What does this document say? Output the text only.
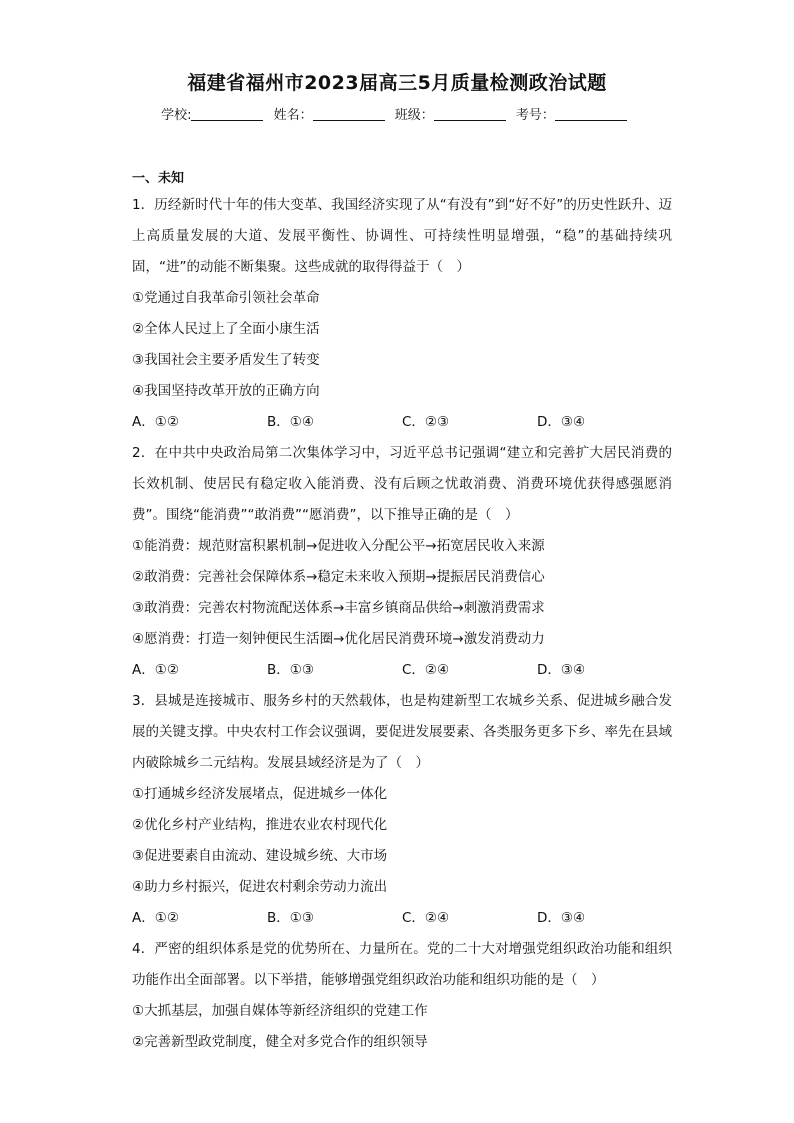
福建省福州市2023届高三5月质量检测政治试题
学校:	姓名：	班级：	考号：
一、未知
1．历经新时代十年的伟大变革、我国经济实现了从“有没有”到“好不好”的历史性跃升、迈上高质量发展的大道、发展平衡性、协调性、可持续性明显增强，“稳”的基础持续巩固，“进”的动能不断集聚。这些成就的取得得益于（　）
①党通过自我革命引领社会革命
②全体人民过上了全面小康生活
③我国社会主要矛盾发生了转变
④我国坚持改革开放的正确方向
A．①②	B．①④	C．②③	D．③④
2．在中共中央政治局第二次集体学习中，习近平总书记强调“建立和完善扩大居民消费的长效机制、使居民有稳定收入能消费、没有后顾之忧敢消费、消费环境优获得感强愿消费”。围绕“能消费”“敢消费”“愿消费”，以下推导正确的是（　）
①能消费：规范财富积累机制→促进收入分配公平→拓宽居民收入来源
②敢消费：完善社会保障体系→稳定未来收入预期→提振居民消费信心
③敢消费：完善农村物流配送体系→丰富乡镇商品供给→刺激消费需求
④愿消费：打造一刻钟便民生活圈→优化居民消费环境→激发消费动力
A．①②	B．①③	C．②④	D．③④
3．县城是连接城市、服务乡村的天然载体，也是构建新型工农城乡关系、促进城乡融合发展的关键支撑。中央农村工作会议强调，要促进发展要素、各类服务更多下乡、率先在县域内破除城乡二元结构。发展县域经济是为了（　）
①打通城乡经济发展堵点，促进城乡一体化
②优化乡村产业结构，推进农业农村现代化
③促进要素自由流动、建设城乡统、大市场
④助力乡村振兴，促进农村剩余劳动力流出
A．①②	B．①③	C．②④	D．③④
4．严密的组织体系是党的优势所在、力量所在。党的二十大对增强党组织政治功能和组织功能作出全面部署。以下举措，能够增强党组织政治功能和组织功能的是（　）
①大抓基层，加强自媒体等新经济组织的党建工作
②完善新型政党制度，健全对多党合作的组织领导
